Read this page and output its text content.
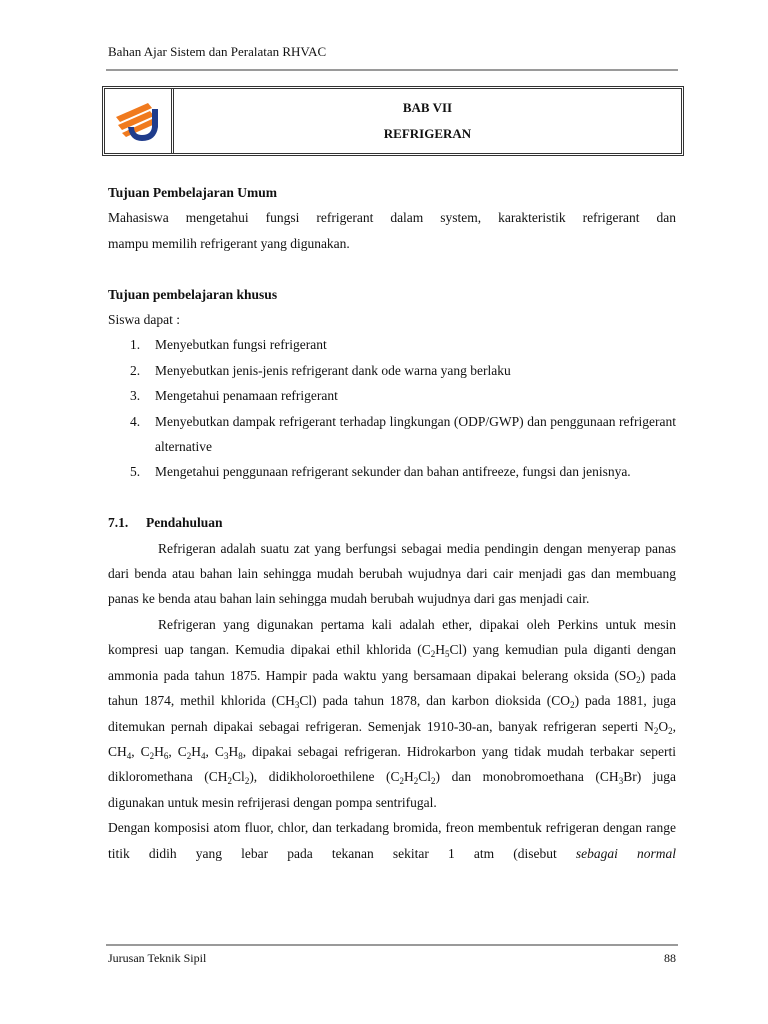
Bahan Ajar Sistem dan Peralatan RHVAC
BAB VII
REFRIGERAN

Tujuan Pembelajaran Umum

Mahasiswa mengetahui fungsi refrigerant dalam system, karakteristik refrigerant dan

mampu memilih refrigerant yang digunakan.

Tujuan pembelajaran khusus

Siswa dapat :

1. Menyebutkan fungsi refrigerant
2. Menyebutkan jenis-jenis refrigerant dank ode warna yang berlaku
3. Mengetahui penamaan refrigerant
4. Menyebutkan dampak refrigerant terhadap lingkungan (ODP/GWP) dan penggunaan refrigerant alternative
5. Mengetahui penggunaan refrigerant sekunder dan bahan antifreeze, fungsi dan jenisnya.

7.1. Pendahuluan

Refrigeran adalah suatu zat yang berfungsi sebagai media pendingin dengan menyerap panas dari benda atau bahan lain sehingga mudah berubah wujudnya dari cair menjadi gas dan membuang panas ke benda atau bahan lain sehingga mudah berubah wujudnya dari gas menjadi cair.

Refrigeran yang digunakan pertama kali adalah ether, dipakai oleh Perkins untuk mesin kompresi uap tangan. Kemudia dipakai ethil khlorida $(C_2H_5Cl)$ yang kemudian pula diganti dengan ammonia pada tahun 1875. Hampir pada waktu yang bersamaan dipakai belerang oksida $(SO_2)$ pada tahun 1874, methil khlorida $(CH_3Cl)$ pada tahun 1878, dan karbon dioksida $(CO_2)$ pada 1881, juga ditemukan pernah dipakai sebagai refrigeran. Semenjak 1910-30-an, banyak refrigeran seperti $N_2O_2$, $CH_4$, $C_2H_6$, $C_2H_4$, $C_3H_8$, dipakai sebagai refrigeran. Hidrokarbon yang tidak mudah terbakar seperti dikloromethana $(CH_2Cl_2)$, didikholoroethilene $(C_2H_2Cl_2)$ dan monobromoethana $(CH_3Br)$ juga digunakan untuk mesin refrijerasi dengan pompa sentrifugal.

Dengan komposisi atom fluor, chlor, dan terkadang bromida, freon membentuk refrigeran dengan range titik didih yang lebar pada tekanan sekitar 1 atm (disebut sebagai normal

Jurusan Teknik Sipil	88
